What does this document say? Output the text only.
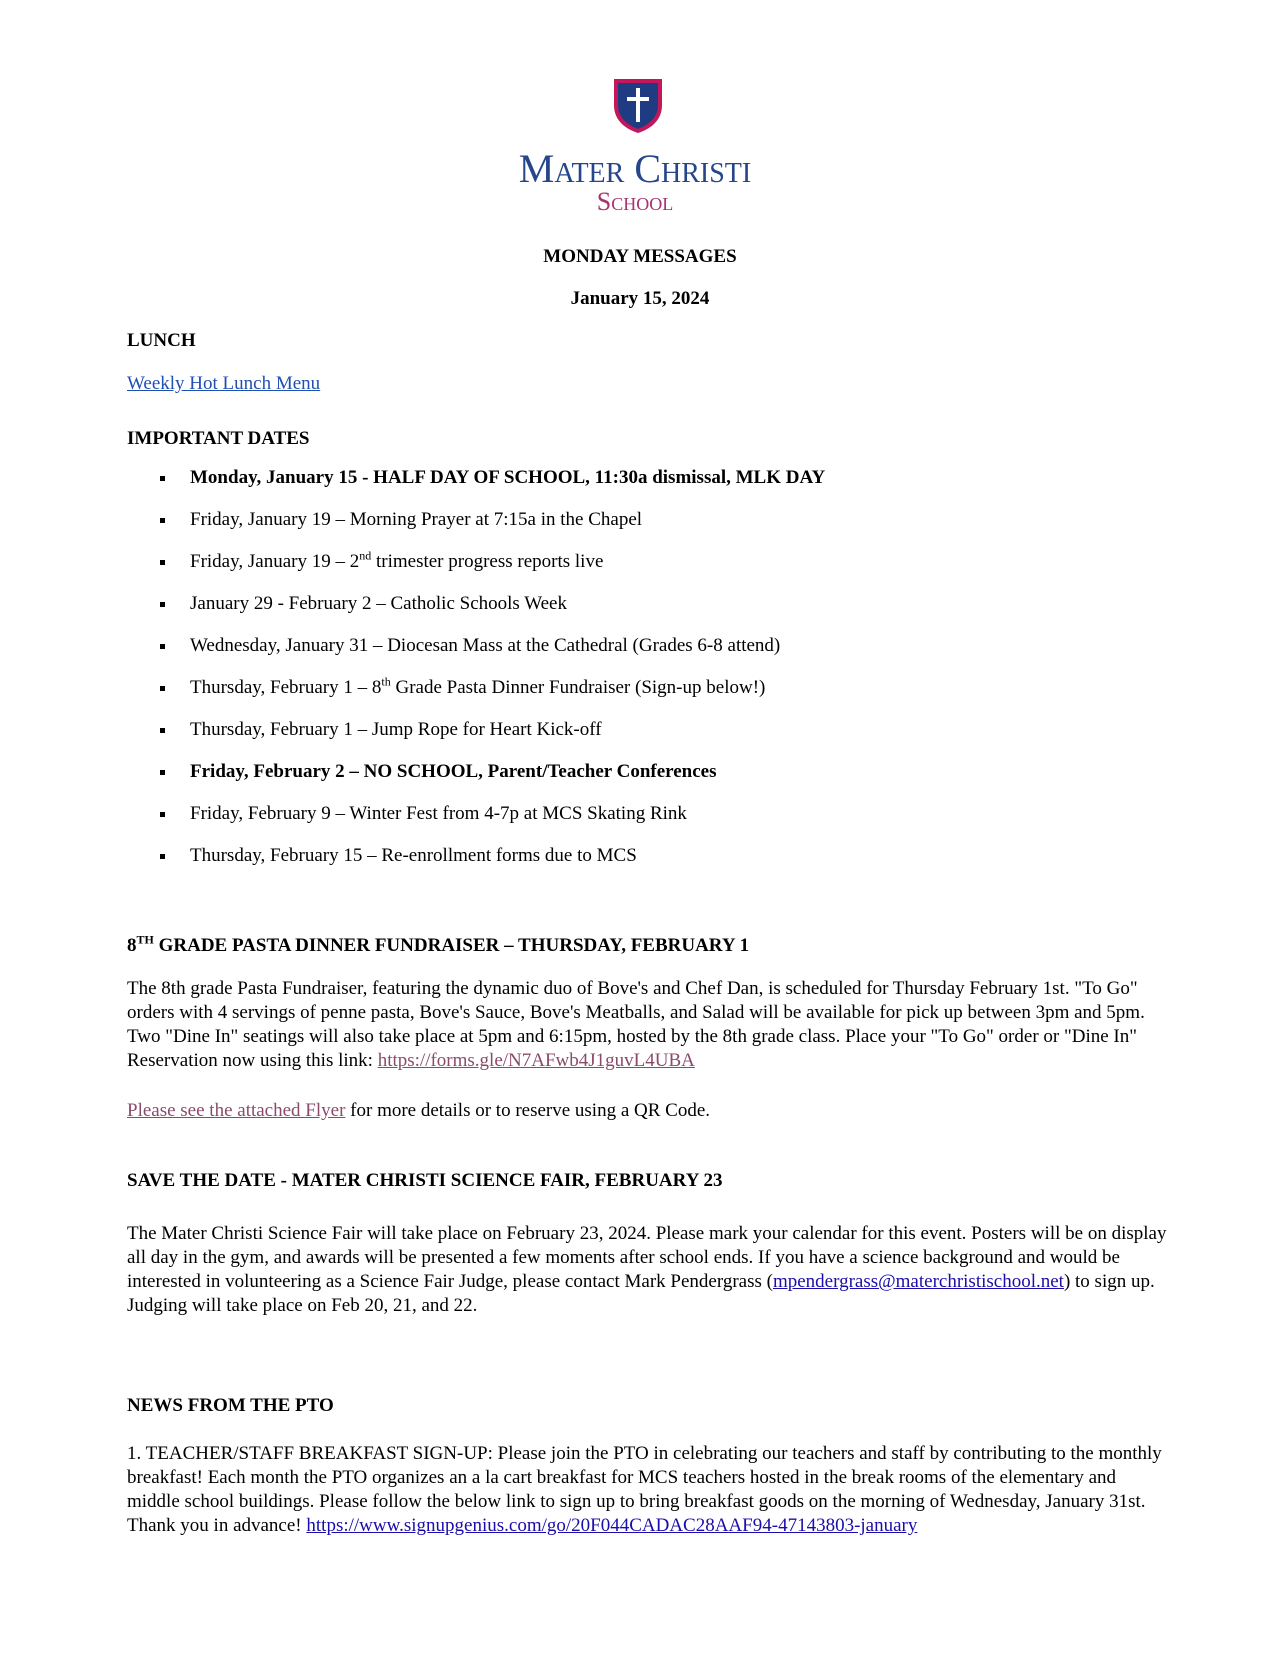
Mater Christi
School
MONDAY MESSAGES
January 15, 2024
LUNCH
Weekly Hot Lunch Menu
IMPORTANT DATES
Monday, January 15 - HALF DAY OF SCHOOL, 11:30a dismissal, MLK DAY
Friday, January 19 – Morning Prayer at 7:15a in the Chapel
Friday, January 19 – 2nd trimester progress reports live
January 29 - February 2 – Catholic Schools Week
Wednesday, January 31 – Diocesan Mass at the Cathedral (Grades 6-8 attend)
Thursday, February 1 – 8th Grade Pasta Dinner Fundraiser (Sign-up below!)
Thursday, February 1 – Jump Rope for Heart Kick-off
Friday, February 2 – NO SCHOOL, Parent/Teacher Conferences
Friday, February 9 – Winter Fest from 4-7p at MCS Skating Rink
Thursday, February 15 – Re-enrollment forms due to MCS
8TH GRADE PASTA DINNER FUNDRAISER – THURSDAY, FEBRUARY 1
The 8th grade Pasta Fundraiser, featuring the dynamic duo of Bove's and Chef Dan, is scheduled for Thursday February 1st. "To Go" orders with 4 servings of penne pasta, Bove's Sauce, Bove's Meatballs, and Salad will be available for pick up between 3pm and 5pm. Two "Dine In" seatings will also take place at 5pm and 6:15pm, hosted by the 8th grade class. Place your "To Go" order or "Dine In" Reservation now using this link: https://forms.gle/N7AFwb4J1guvL4UBA
Please see the attached Flyer for more details or to reserve using a QR Code.
SAVE THE DATE - MATER CHRISTI SCIENCE FAIR, FEBRUARY 23
The Mater Christi Science Fair will take place on February 23, 2024. Please mark your calendar for this event. Posters will be on display all day in the gym, and awards will be presented a few moments after school ends. If you have a science background and would be interested in volunteering as a Science Fair Judge, please contact Mark Pendergrass (mpendergrass@materchristischool.net) to sign up. Judging will take place on Feb 20, 21, and 22.
NEWS FROM THE PTO
1. TEACHER/STAFF BREAKFAST SIGN-UP: Please join the PTO in celebrating our teachers and staff by contributing to the monthly breakfast! Each month the PTO organizes an a la cart breakfast for MCS teachers hosted in the break rooms of the elementary and middle school buildings. Please follow the below link to sign up to bring breakfast goods on the morning of Wednesday, January 31st. Thank you in advance! https://www.signupgenius.com/go/20F044CADAC28AAF94-47143803-january
